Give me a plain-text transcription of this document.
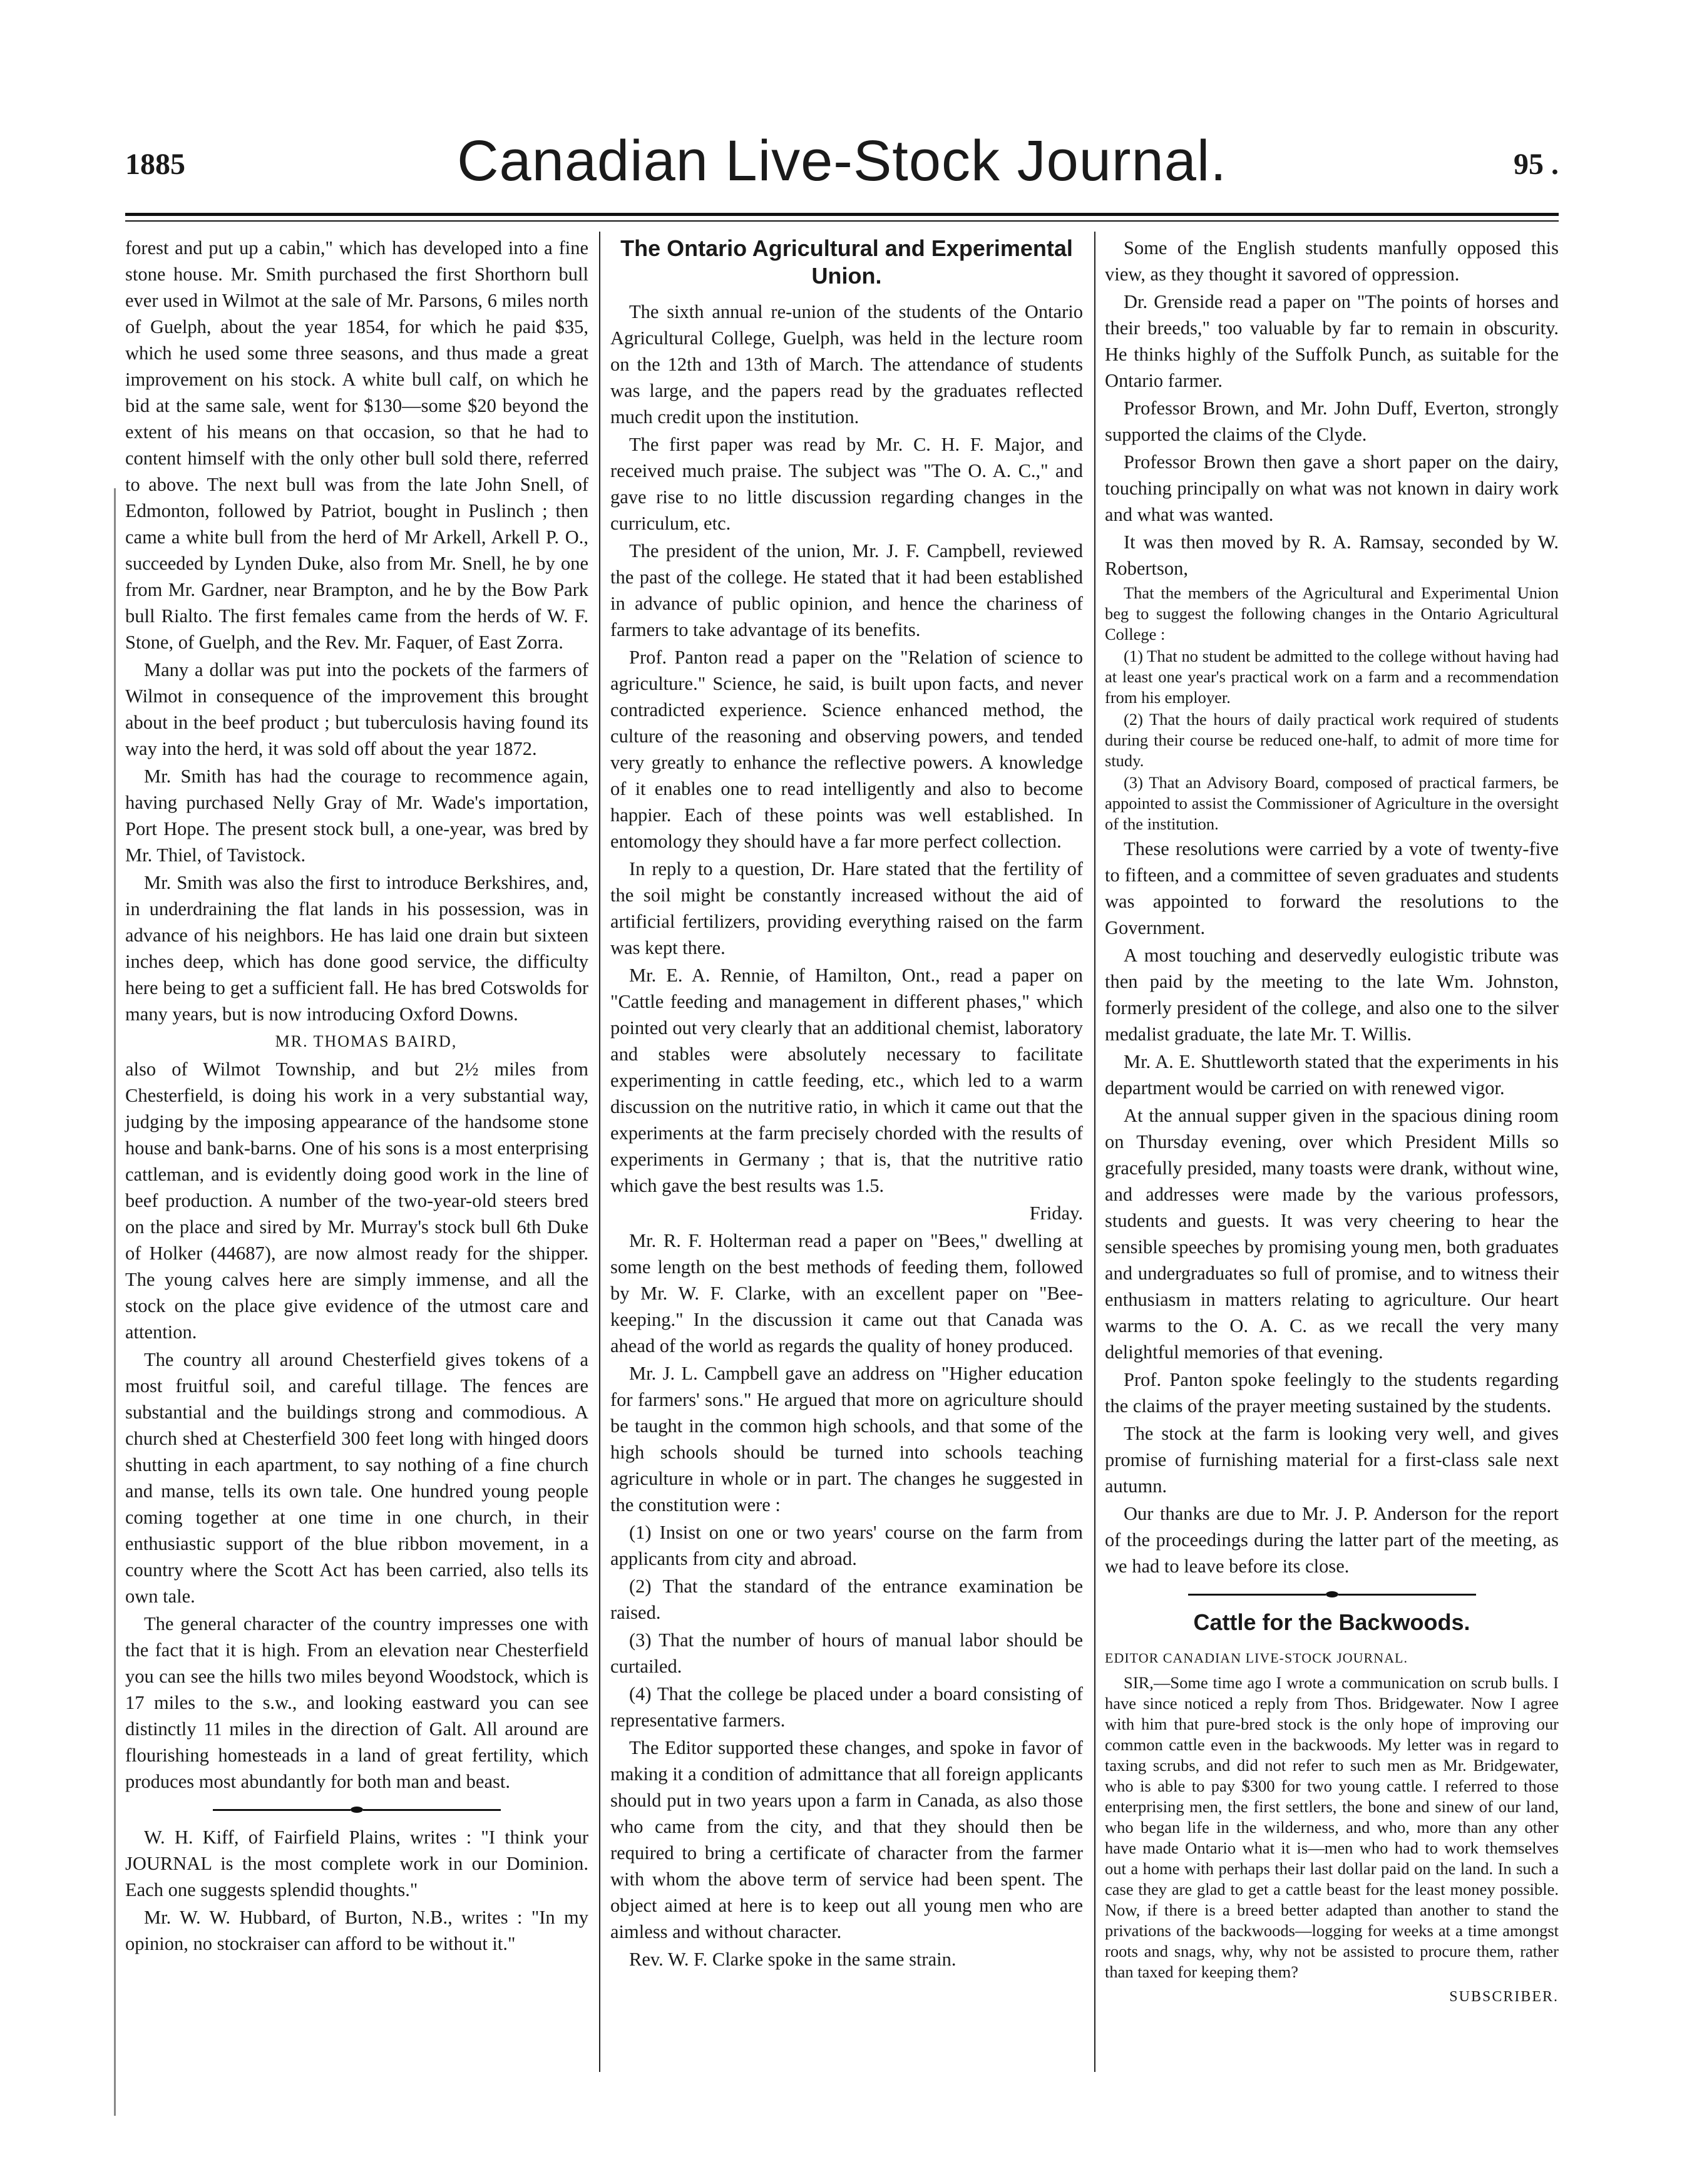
1885	Canadian Live-Stock Journal.	95 .

forest and put up a cabin," which has developed into a fine stone house. Mr. Smith purchased the first Shorthorn bull ever used in Wilmot at the sale of Mr. Parsons, 6 miles north of Guelph, about the year 1854, for which he paid $35, which he used some three seasons, and thus made a great improvement on his stock. A white bull calf, on which he bid at the same sale, went for $130—some $20 beyond the extent of his means on that occasion, so that he had to content himself with the only other bull sold there, referred to above. The next bull was from the late John Snell, of Edmonton, followed by Patriot, bought in Puslinch ; then came a white bull from the herd of Mr Arkell, Arkell P. O., succeeded by Lynden Duke, also from Mr. Snell, he by one from Mr. Gardner, near Brampton, and he by the Bow Park bull Rialto. The first females came from the herds of W. F. Stone, of Guelph, and the Rev. Mr. Faquer, of East Zorra.

Many a dollar was put into the pockets of the farmers of Wilmot in consequence of the improvement this brought about in the beef product ; but tuberculosis having found its way into the herd, it was sold off about the year 1872.

Mr. Smith has had the courage to recommence again, having purchased Nelly Gray of Mr. Wade's importation, Port Hope. The present stock bull, a one-year, was bred by Mr. Thiel, of Tavistock.

Mr. Smith was also the first to introduce Berkshires, and, in underdraining the flat lands in his possession, was in advance of his neighbors. He has laid one drain but sixteen inches deep, which has done good service, the difficulty here being to get a sufficient fall. He has bred Cotswolds for many years, but is now introducing Oxford Downs.

MR. THOMAS BAIRD,

also of Wilmot Township, and but 2½ miles from Chesterfield, is doing his work in a very substantial way, judging by the imposing appearance of the handsome stone house and bank-barns. One of his sons is a most enterprising cattleman, and is evidently doing good work in the line of beef production. A number of the two-year-old steers bred on the place and sired by Mr. Murray's stock bull 6th Duke of Holker (44687), are now almost ready for the shipper. The young calves here are simply immense, and all the stock on the place give evidence of the utmost care and attention.

The country all around Chesterfield gives tokens of a most fruitful soil, and careful tillage. The fences are substantial and the buildings strong and commodious. A church shed at Chesterfield 300 feet long with hinged doors shutting in each apartment, to say nothing of a fine church and manse, tells its own tale. One hundred young people coming together at one time in one church, in their enthusiastic support of the blue ribbon movement, in a country where the Scott Act has been carried, also tells its own tale.

The general character of the country impresses one with the fact that it is high. From an elevation near Chesterfield you can see the hills two miles beyond Woodstock, which is 17 miles to the s.w., and looking eastward you can see distinctly 11 miles in the direction of Galt. All around are flourishing homesteads in a land of great fertility, which produces most abundantly for both man and beast.

W. H. Kiff, of Fairfield Plains, writes : "I think your JOURNAL is the most complete work in our Dominion. Each one suggests splendid thoughts."

Mr. W. W. Hubbard, of Burton, N.B., writes : "In my opinion, no stockraiser can afford to be without it."

The Ontario Agricultural and Experimental Union.

The sixth annual re-union of the students of the Ontario Agricultural College, Guelph, was held in the lecture room on the 12th and 13th of March. The attendance of students was large, and the papers read by the graduates reflected much credit upon the institution.

The first paper was read by Mr. C. H. F. Major, and received much praise. The subject was "The O. A. C.," and gave rise to no little discussion regarding changes in the curriculum, etc.

The president of the union, Mr. J. F. Campbell, reviewed the past of the college. He stated that it had been established in advance of public opinion, and hence the chariness of farmers to take advantage of its benefits.

Prof. Panton read a paper on the "Relation of science to agriculture." Science, he said, is built upon facts, and never contradicted experience. Science enhanced method, the culture of the reasoning and observing powers, and tended very greatly to enhance the reflective powers. A knowledge of it enables one to read intelligently and also to become happier. Each of these points was well established. In entomology they should have a far more perfect collection.

In reply to a question, Dr. Hare stated that the fertility of the soil might be constantly increased without the aid of artificial fertilizers, providing everything raised on the farm was kept there.

Mr. E. A. Rennie, of Hamilton, Ont., read a paper on "Cattle feeding and management in different phases," which pointed out very clearly that an additional chemist, laboratory and stables were absolutely necessary to facilitate experimenting in cattle feeding, etc., which led to a warm discussion on the nutritive ratio, in which it came out that the experiments at the farm precisely chorded with the results of experiments in Germany ; that is, that the nutritive ratio which gave the best results was 1.5.

Friday.

Mr. R. F. Holterman read a paper on "Bees," dwelling at some length on the best methods of feeding them, followed by Mr. W. F. Clarke, with an excellent paper on "Bee-keeping." In the discussion it came out that Canada was ahead of the world as regards the quality of honey produced.

Mr. J. L. Campbell gave an address on "Higher education for farmers' sons." He argued that more on agriculture should be taught in the common high schools, and that some of the high schools should be turned into schools teaching agriculture in whole or in part. The changes he suggested in the constitution were :

(1) Insist on one or two years' course on the farm from applicants from city and abroad.

(2) That the standard of the entrance examination be raised.

(3) That the number of hours of manual labor should be curtailed.

(4) That the college be placed under a board consisting of representative farmers.

The Editor supported these changes, and spoke in favor of making it a condition of admittance that all foreign applicants should put in two years upon a farm in Canada, as also those who came from the city, and that they should then be required to bring a certificate of character from the farmer with whom the above term of service had been spent. The object aimed at here is to keep out all young men who are aimless and without character.

Rev. W. F. Clarke spoke in the same strain.

Some of the English students manfully opposed this view, as they thought it savored of oppression.

Dr. Grenside read a paper on "The points of horses and their breeds," too valuable by far to remain in obscurity. He thinks highly of the Suffolk Punch, as suitable for the Ontario farmer.

Professor Brown, and Mr. John Duff, Everton, strongly supported the claims of the Clyde.

Professor Brown then gave a short paper on the dairy, touching principally on what was not known in dairy work and what was wanted.

It was then moved by R. A. Ramsay, seconded by W. Robertson,

That the members of the Agricultural and Experimental Union beg to suggest the following changes in the Ontario Agricultural College :

(1) That no student be admitted to the college without having had at least one year's practical work on a farm and a recommendation from his employer.

(2) That the hours of daily practical work required of students during their course be reduced one-half, to admit of more time for study.

(3) That an Advisory Board, composed of practical farmers, be appointed to assist the Commissioner of Agriculture in the oversight of the institution.

These resolutions were carried by a vote of twenty-five to fifteen, and a committee of seven graduates and students was appointed to forward the resolutions to the Government.

A most touching and deservedly eulogistic tribute was then paid by the meeting to the late Wm. Johnston, formerly president of the college, and also one to the silver medalist graduate, the late Mr. T. Willis.

Mr. A. E. Shuttleworth stated that the experiments in his department would be carried on with renewed vigor.

At the annual supper given in the spacious dining room on Thursday evening, over which President Mills so gracefully presided, many toasts were drank, without wine, and addresses were made by the various professors, students and guests. It was very cheering to hear the sensible speeches by promising young men, both graduates and undergraduates so full of promise, and to witness their enthusiasm in matters relating to agriculture. Our heart warms to the O. A. C. as we recall the very many delightful memories of that evening.

Prof. Panton spoke feelingly to the students regarding the claims of the prayer meeting sustained by the students.

The stock at the farm is looking very well, and gives promise of furnishing material for a first-class sale next autumn.

Our thanks are due to Mr. J. P. Anderson for the report of the proceedings during the latter part of the meeting, as we had to leave before its close.

Cattle for the Backwoods.

EDITOR CANADIAN LIVE-STOCK JOURNAL.

SIR,—Some time ago I wrote a communication on scrub bulls. I have since noticed a reply from Thos. Bridgewater. Now I agree with him that pure-bred stock is the only hope of improving our common cattle even in the backwoods. My letter was in regard to taxing scrubs, and did not refer to such men as Mr. Bridgewater, who is able to pay $300 for two young cattle. I referred to those enterprising men, the first settlers, the bone and sinew of our land, who began life in the wilderness, and who, more than any other have made Ontario what it is—men who had to work themselves out a home with perhaps their last dollar paid on the land. In such a case they are glad to get a cattle beast for the least money possible. Now, if there is a breed better adapted than another to stand the privations of the backwoods—logging for weeks at a time amongst roots and snags, why, why not be assisted to procure them, rather than taxed for keeping them?

SUBSCRIBER.
